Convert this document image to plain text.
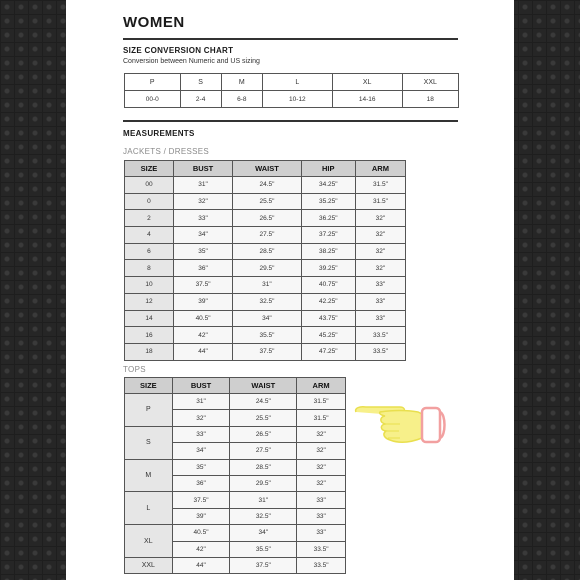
WOMEN
SIZE CONVERSION CHART
Conversion between Numeric and US sizing
P	S	M	L	XL	XXL
00-0	2-4	6-8	10-12	14-16	18
MEASUREMENTS
JACKETS / DRESSES
SIZE	BUST	WAIST	HIP	ARM
00	31"	24.5"	34.25"	31.5"
0	32"	25.5"	35.25"	31.5"
2	33"	26.5"	36.25"	32"
4	34"	27.5"	37.25"	32"
6	35"	28.5"	38.25"	32"
8	36"	29.5"	39.25"	32"
10	37.5"	31"	40.75"	33"
12	39"	32.5"	42.25"	33"
14	40.5"	34"	43.75"	33"
16	42"	35.5"	45.25"	33.5"
18	44"	37.5"	47.25"	33.5"
TOPS
SIZE	BUST	WAIST	ARM
P	31"	24.5"	31.5"
	32"	25.5"	31.5"
S	33"	26.5"	32"
	34"	27.5"	32"
M	35"	28.5"	32"
	36"	29.5"	32"
L	37.5"	31"	33"
	39"	32.5"	33"
XL	40.5"	34"	33"
	42"	35.5"	33.5"
XXL	44"	37.5"	33.5"
